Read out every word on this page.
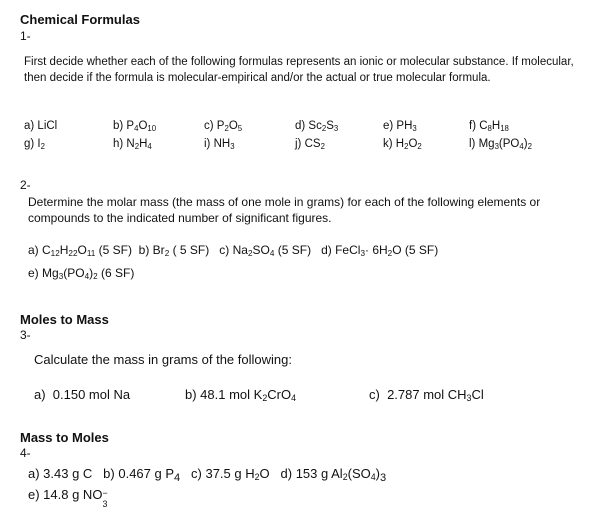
Chemical Formulas
1-
First decide whether each of the following formulas represents an ionic or molecular substance. If molecular, then decide if the formula is molecular-empirical and/or the actual or true molecular formula.
a) LiCl	b) $P_4O_{10}$	c) $P_2O_5$	d) $Sc_2S_3$	e) $PH_3$	f) $C_8H_{18}$
g) $I_2$	h) $N_2H_4$	i) $NH_3$	j) $CS_2$	k) $H_2O_2$	l) $Mg_3(PO_4)_2$
2-
Determine the molar mass (the mass of one mole in grams) for each of the following elements or compounds to the indicated number of significant figures.
a) $C_{12}H_{22}O_{11}$ (5 SF) b) $Br_2$ ( 5 SF) c) $Na_2SO_4$ (5 SF) d) FeCl$_3$· $6H_2O$ (5 SF)
e) $Mg_3(PO_4)_2$ (6 SF)
Moles to Mass
3-
Calculate the mass in grams of the following:
a)  0.150 mol Na	b) 48.1 mol $K_2CrO_4$	c)  2.787 mol $CH_3Cl$
Mass to Moles
4-
a) 3.43 g C b) 0.467 g $P_4$ c) 37.5 g $H_2O$ d) 153 g $Al_2(SO_4)_3$
e) 14.8 g NO −
3
